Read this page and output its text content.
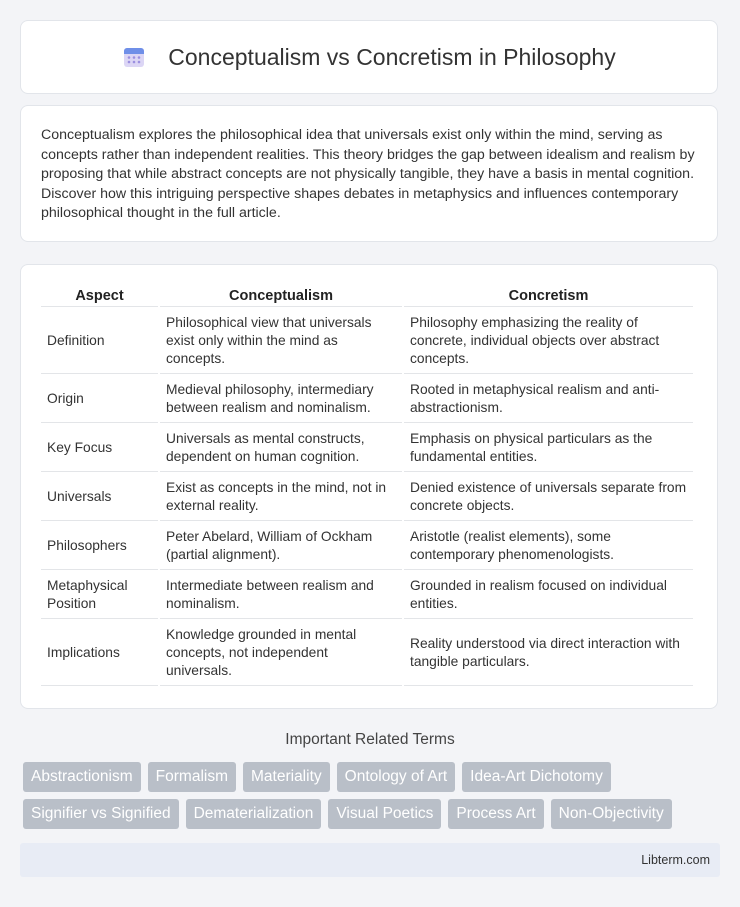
Conceptualism vs Concretism in Philosophy

Conceptualism explores the philosophical idea that universals exist only within the mind, serving as concepts rather than independent realities. This theory bridges the gap between idealism and realism by proposing that while abstract concepts are not physically tangible, they have a basis in mental cognition. Discover how this intriguing perspective shapes debates in metaphysics and influences contemporary philosophical thought in the full article.

Aspect	Conceptualism	Concretism
Definition	Philosophical view that universals exist only within the mind as concepts.	Philosophy emphasizing the reality of concrete, individual objects over abstract concepts.
Origin	Medieval philosophy, intermediary between realism and nominalism.	Rooted in metaphysical realism and anti-abstractionism.
Key Focus	Universals as mental constructs, dependent on human cognition.	Emphasis on physical particulars as the fundamental entities.
Universals	Exist as concepts in the mind, not in external reality.	Denied existence of universals separate from concrete objects.
Philosophers	Peter Abelard, William of Ockham (partial alignment).	Aristotle (realist elements), some contemporary phenomenologists.
Metaphysical Position	Intermediate between realism and nominalism.	Grounded in realism focused on individual entities.
Implications	Knowledge grounded in mental concepts, not independent universals.	Reality understood via direct interaction with tangible particulars.
Important Related Terms
Abstractionism	Formalism	Materiality	Ontology of Art	Idea-Art Dichotomy
Signifier vs Signified	Dematerialization	Visual Poetics	Process Art	Non-Objectivity
Libterm.com
